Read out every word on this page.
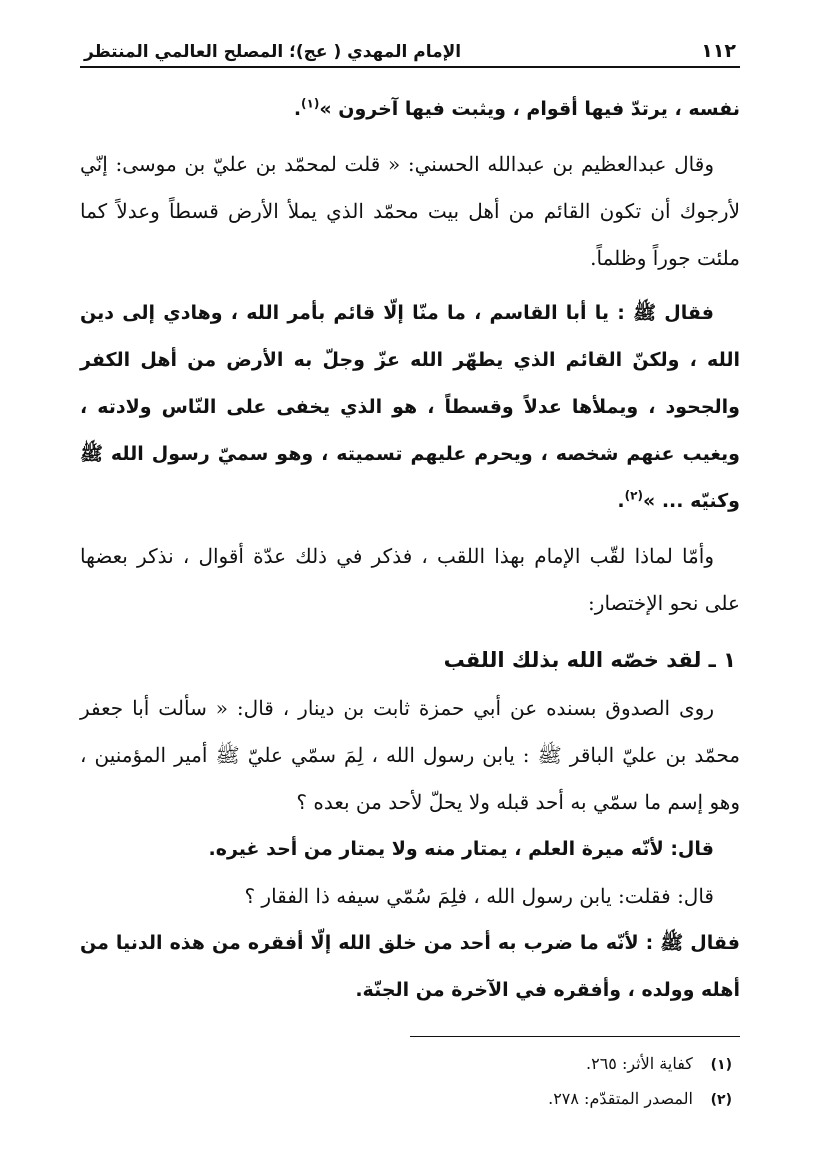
١١٢
الإمام المهدي ( عج)؛ المصلح العالمي المنتظر

نفسه ، يرتدّ فيها أقوام ، ويثبت فيها آخرون »$^{(١)}$.

وقال عبدالعظيم بن عبدالله الحسني: « قلت لمحمّد بن عليّ بن موسى: إنّي لأرجوك أن تكون القائم من أهل بيت محمّد الذي يملأ الأرض قسطاً وعدلاً كما ملئت جوراً وظلماً.

فقال ﷺ : يا أبا القاسم ، ما منّا إلّا قائم بأمر الله ، وهادي إلى دين الله ، ولكنّ القائم الذي يطهّر الله عزّ وجلّ به الأرض من أهل الكفر والجحود ، ويملأها عدلاً وقسطاً ، هو الذي يخفى على النّاس ولادته ، ويغيب عنهم شخصه ، ويحرم عليهم تسميته ، وهو سميّ رسول الله ﷺ وكنيّه ... »$^{(٢)}$.

وأمّا لماذا لقّب الإمام بهذا اللقب ، فذكر في ذلك عدّة أقوال ، نذكر بعضها على نحو الإختصار:

١ ـ لقد خصّه الله بذلك اللقب

روى الصدوق بسنده عن أبي حمزة ثابت بن دينار ، قال: « سألت أبا جعفر محمّد بن عليّ الباقر ﷺ : يابن رسول الله ، لِمَ سمّي عليّ ﷺ أمير المؤمنين ، وهو إسم ما سمّي به أحد قبله ولا يحلّ لأحد من بعده ؟

قال: لأنّه ميرة العلم ، يمتار منه ولا يمتار من أحد غيره.

قال: فقلت: يابن رسول الله ، فلِمَ سُمّي سيفه ذا الفقار ؟

فقال ﷺ : لأنّه ما ضرب به أحد من خلق الله إلّا أفقره من هذه الدنيا من أهله وولده ، وأفقره في الآخرة من الجنّة.

(١) كفاية الأثر: ٢٦٥.
(٢) المصدر المتقدّم: ٢٧٨.
